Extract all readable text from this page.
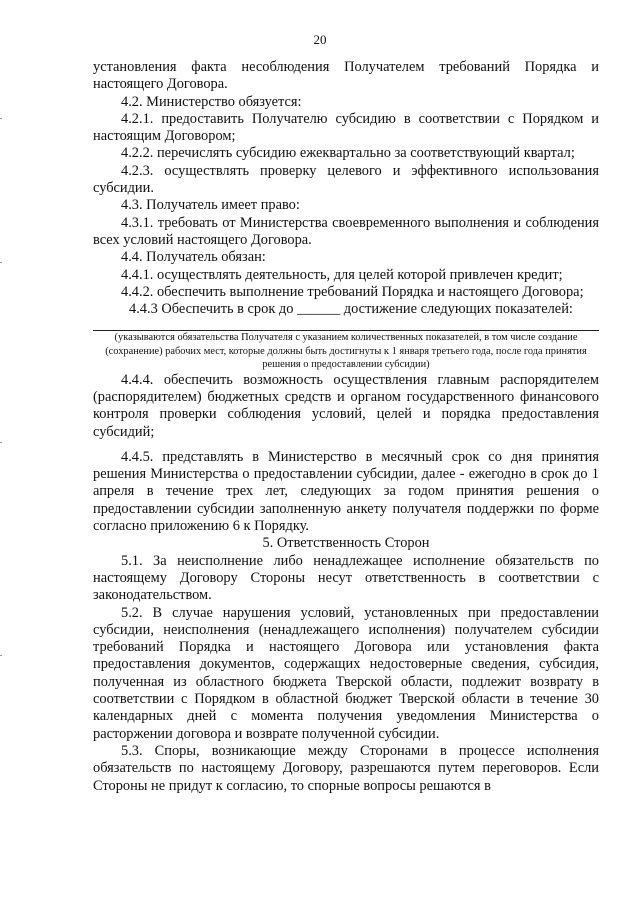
20

установления факта несоблюдения Получателем требований Порядка и настоящего Договора.

4.2. Министерство обязуется:

4.2.1. предоставить Получателю субсидию в соответствии с Порядком и настоящим Договором;

4.2.2. перечислять субсидию ежеквартально за соответствующий квартал;

4.2.3. осуществлять проверку целевого и эффективного использования субсидии.

4.3. Получатель имеет право:

4.3.1. требовать от Министерства своевременного выполнения и соблюдения всех условий настоящего Договора.

4.4. Получатель обязан:

4.4.1. осуществлять деятельность, для целей которой привлечен кредит;

4.4.2. обеспечить выполнение требований Порядка и настоящего Договора;

4.4.3 Обеспечить в срок до ______ достижение следующих показателей:

(указываются обязательства Получателя с указанием количественных показателей, в том числе создание (сохранение) рабочих мест, которые должны быть достигнуты к 1 января третьего года, после года принятия решения о предоставлении субсидии)

4.4.4. обеспечить возможность осуществления главным распорядителем (распорядителем) бюджетных средств и органом государственного финансового контроля проверки соблюдения условий, целей и порядка предоставления субсидий;

4.4.5. представлять в Министерство в месячный срок со дня принятия решения Министерства о предоставлении субсидии, далее - ежегодно в срок до 1 апреля в течение трех лет, следующих за годом принятия решения о предоставлении субсидии заполненную анкету получателя поддержки по форме согласно приложению 6 к Порядку.

5. Ответственность Сторон

5.1. За неисполнение либо ненадлежащее исполнение обязательств по настоящему Договору Стороны несут ответственность в соответствии с законодательством.

5.2. В случае нарушения условий, установленных при предоставлении субсидии, неисполнения (ненадлежащего исполнения) получателем субсидии требований Порядка и настоящего Договора или установления факта предоставления документов, содержащих недостоверные сведения, субсидия, полученная из областного бюджета Тверской области, подлежит возврату в соответствии с Порядком в областной бюджет Тверской области в течение 30 календарных дней с момента получения уведомления Министерства о расторжении договора и возврате полученной субсидии.

5.3. Споры, возникающие между Сторонами в процессе исполнения обязательств по настоящему Договору, разрешаются путем переговоров. Если Стороны не придут к согласию, то спорные вопросы решаются в
